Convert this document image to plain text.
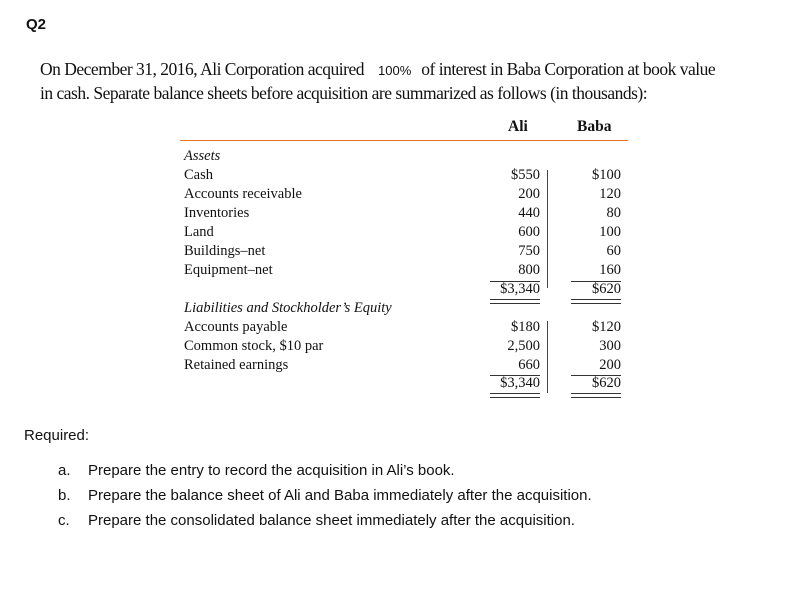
Q2
On December 31, 2016, Ali Corporation acquired 100% of interest in Baba Corporation at book value
in cash. Separate balance sheets before acquisition are summarized as follows (in thousands):
Ali	Baba
Assets
Cash	$550	$100
Accounts receivable	200	120
Inventories	440	80
Land	600	100
Buildings–net	750	60
Equipment–net	800	160
$3,340	$620
Liabilities and Stockholder’s Equity
Accounts payable	$180	$120
Common stock, $10 par	2,500	300
Retained earnings	660	200
$3,340	$620
Required:
a. Prepare the entry to record the acquisition in Ali’s book.
b. Prepare the balance sheet of Ali and Baba immediately after the acquisition.
c. Prepare the consolidated balance sheet immediately after the acquisition.
